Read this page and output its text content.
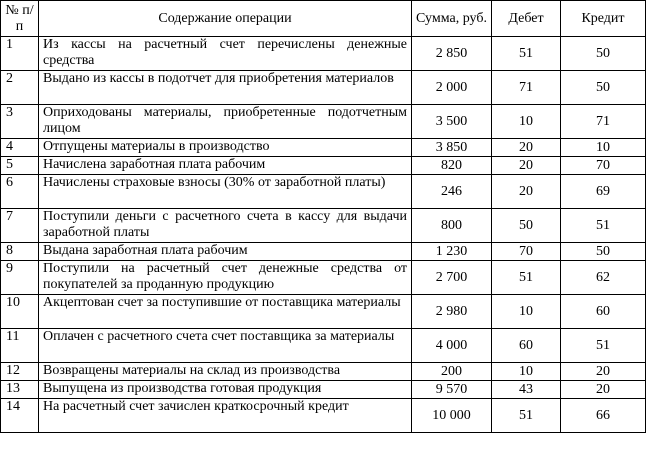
№ п/п	Содержание операции	Сумма, руб.	Дебет	Кредит
1	Из кассы на расчетный счет перечислены денежные средства	2 850	51	50
2	Выдано из кассы в подотчет для приобретения материалов	2 000	71	50
3	Оприходованы материалы, приобретенные подотчетным лицом	3 500	10	71
4	Отпущены материалы в производство	3 850	20	10
5	Начислена заработная плата рабочим	820	20	70
6	Начислены страховые взносы (30% от заработной платы)	246	20	69
7	Поступили деньги с расчетного счета в кассу для выдачи заработной платы	800	50	51
8	Выдана заработная плата рабочим	1 230	70	50
9	Поступили на расчетный счет денежные средства от покупателей за проданную продукцию	2 700	51	62
10	Акцептован счет за поступившие от поставщика материалы	2 980	10	60
11	Оплачен с расчетного счета счет поставщика за материалы	4 000	60	51
12	Возвращены материалы на склад из производства	200	10	20
13	Выпущена из производства готовая продукция	9 570	43	20
14	На расчетный счет зачислен краткосрочный кредит	10 000	51	66
